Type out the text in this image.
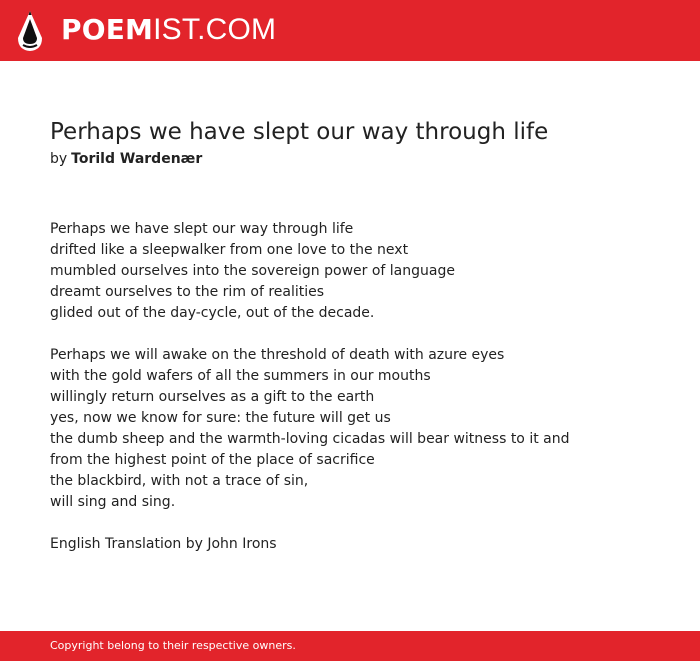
POEMIST.COM
Perhaps we have slept our way through life
by Torild Wardenær

Perhaps we have slept our way through life
drifted like a sleepwalker from one love to the next
mumbled ourselves into the sovereign power of language
dreamt ourselves to the rim of realities
glided out of the day-cycle, out of the decade.

Perhaps we will awake on the threshold of death with azure eyes
with the gold wafers of all the summers in our mouths
willingly return ourselves as a gift to the earth
yes, now we know for sure: the future will get us
the dumb sheep and the warmth-loving cicadas will bear witness to it and
from the highest point of the place of sacrifice
the blackbird, with not a trace of sin,
will sing and sing.

English Translation by John Irons

Copyright belong to their respective owners.
